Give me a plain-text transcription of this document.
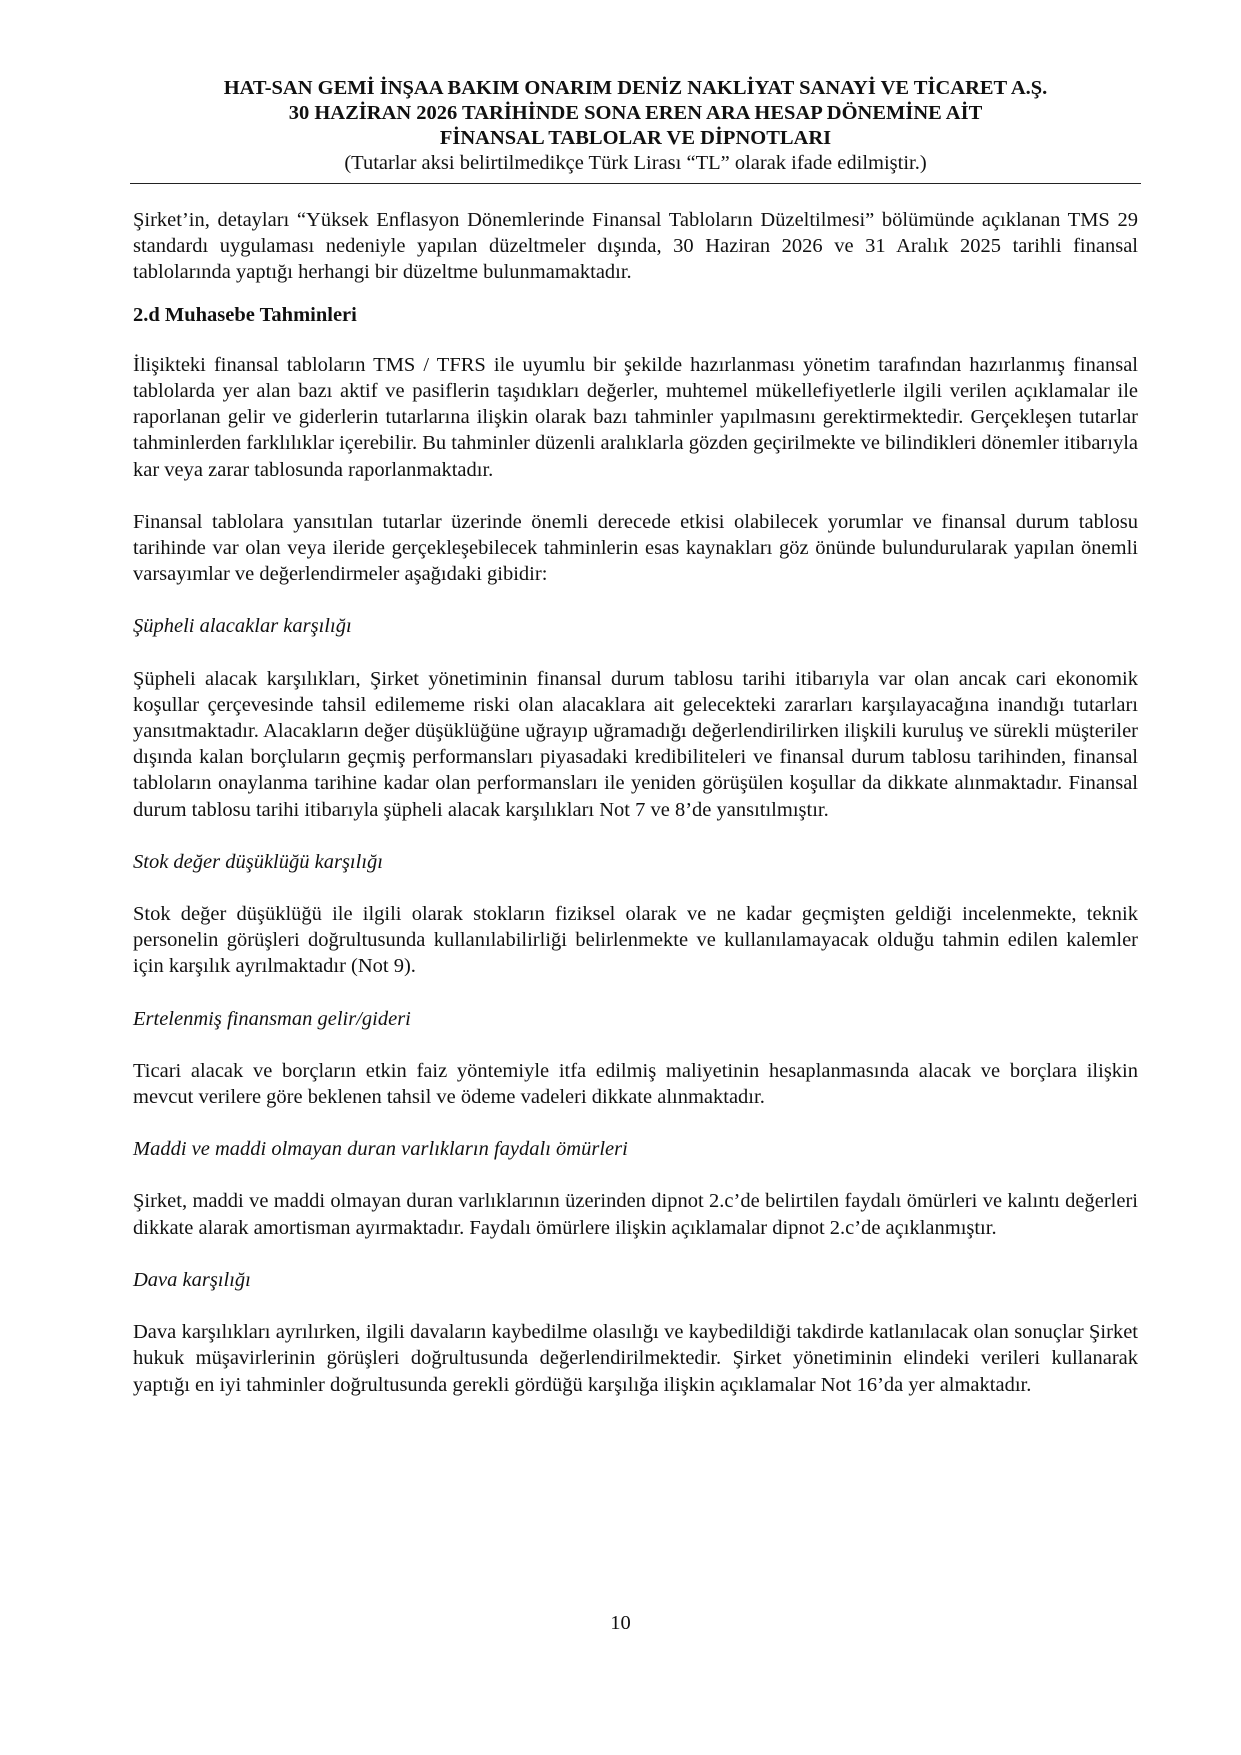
HAT-SAN GEMİ İNŞAA BAKIM ONARIM DENİZ NAKLİYAT SANAYİ VE TİCARET A.Ş.
30 HAZİRAN 2026 TARİHİNDE SONA EREN ARA HESAP DÖNEMİNE AİT
FİNANSAL TABLOLAR VE DİPNOTLARI
(Tutarlar aksi belirtilmedikçe Türk Lirası “TL” olarak ifade edilmiştir.)

Şirket’in, detayları “Yüksek Enflasyon Dönemlerinde Finansal Tabloların Düzeltilmesi” bölümünde açıklanan TMS 29 standardı uygulaması nedeniyle yapılan düzeltmeler dışında, 30 Haziran 2026 ve 31 Aralık 2025 tarihli finansal tablolarında yaptığı herhangi bir düzeltme bulunmamaktadır.

2.d Muhasebe Tahminleri

İlişikteki finansal tabloların TMS / TFRS ile uyumlu bir şekilde hazırlanması yönetim tarafından hazırlanmış finansal tablolarda yer alan bazı aktif ve pasiflerin taşıdıkları değerler, muhtemel mükellefiyetlerle ilgili verilen açıklamalar ile raporlanan gelir ve giderlerin tutarlarına ilişkin olarak bazı tahminler yapılmasını gerektirmektedir. Gerçekleşen tutarlar tahminlerden farklılıklar içerebilir. Bu tahminler düzenli aralıklarla gözden geçirilmekte ve bilindikleri dönemler itibarıyla kar veya zarar tablosunda raporlanmaktadır.

Finansal tablolara yansıtılan tutarlar üzerinde önemli derecede etkisi olabilecek yorumlar ve finansal durum tablosu tarihinde var olan veya ileride gerçekleşebilecek tahminlerin esas kaynakları göz önünde bulundurularak yapılan önemli varsayımlar ve değerlendirmeler aşağıdaki gibidir:

Şüpheli alacaklar karşılığı

Şüpheli alacak karşılıkları, Şirket yönetiminin finansal durum tablosu tarihi itibarıyla var olan ancak cari ekonomik koşullar çerçevesinde tahsil edilememe riski olan alacaklara ait gelecekteki zararları karşılayacağına inandığı tutarları yansıtmaktadır. Alacakların değer düşüklüğüne uğrayıp uğramadığı değerlendirilirken ilişkili kuruluş ve sürekli müşteriler dışında kalan borçluların geçmiş performansları piyasadaki kredibiliteleri ve finansal durum tablosu tarihinden, finansal tabloların onaylanma tarihine kadar olan performansları ile yeniden görüşülen koşullar da dikkate alınmaktadır. Finansal durum tablosu tarihi itibarıyla şüpheli alacak karşılıkları Not 7 ve 8’de yansıtılmıştır.

Stok değer düşüklüğü karşılığı

Stok değer düşüklüğü ile ilgili olarak stokların fiziksel olarak ve ne kadar geçmişten geldiği incelenmekte, teknik personelin görüşleri doğrultusunda kullanılabilirliği belirlenmekte ve kullanılamayacak olduğu tahmin edilen kalemler için karşılık ayrılmaktadır (Not 9).

Ertelenmiş finansman gelir/gideri

Ticari alacak ve borçların etkin faiz yöntemiyle itfa edilmiş maliyetinin hesaplanmasında alacak ve borçlara ilişkin mevcut verilere göre beklenen tahsil ve ödeme vadeleri dikkate alınmaktadır.

Maddi ve maddi olmayan duran varlıkların faydalı ömürleri

Şirket, maddi ve maddi olmayan duran varlıklarının üzerinden dipnot 2.c’de belirtilen faydalı ömürleri ve kalıntı değerleri dikkate alarak amortisman ayırmaktadır. Faydalı ömürlere ilişkin açıklamalar dipnot 2.c’de açıklanmıştır.

Dava karşılığı

Dava karşılıkları ayrılırken, ilgili davaların kaybedilme olasılığı ve kaybedildiği takdirde katlanılacak olan sonuçlar Şirket hukuk müşavirlerinin görüşleri doğrultusunda değerlendirilmektedir. Şirket yönetiminin elindeki verileri kullanarak yaptığı en iyi tahminler doğrultusunda gerekli gördüğü karşılığa ilişkin açıklamalar Not 16’da yer almaktadır.

10
